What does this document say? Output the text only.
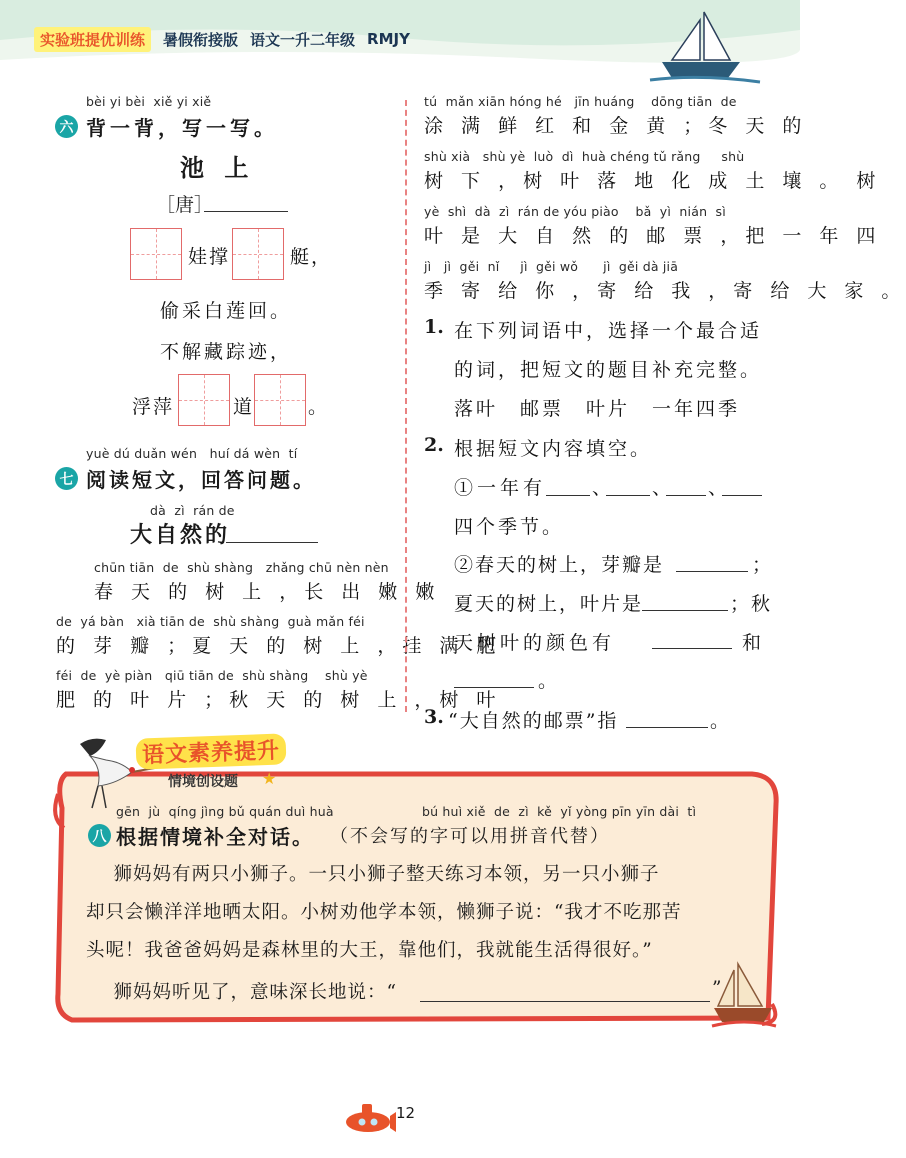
实验班提优训练	暑假衔接版 语文一升二年级 RMJY
bèi yi bèi  xiě yi xiě
六 背一背，写一写。
池 上
［唐］
娃撑	艇，
偷采白莲回。
不解藏踪迹，
浮萍	道	。
yuè dú duǎn wén   huí dá wèn  tí
七 阅读短文，回答问题。
dà  zì  rán de
大自然的
chūn tiān  de  shù shàng   zhǎng chū nèn nèn
春 天 的 树 上 ，长 出 嫩 嫩
de  yá bàn   xià tiān de  shù shàng  guà mǎn féi
的 芽 瓣 ；夏 天 的 树 上 ，挂 满 肥
féi  de  yè piàn   qiū tiān de  shù shàng    shù yè
肥 的 叶 片 ；秋 天 的 树 上 ，树 叶
tú  mǎn xiān hóng hé   jīn huáng    dōng tiān  de
涂 满 鲜 红 和 金 黄 ；冬 天 的
shù xià   shù yè  luò  dì  huà chéng tǔ rǎng     shù
树 下 ，树 叶 落 地 化 成 土 壤 。 树
yè  shì  dà  zì  rán de yóu piào    bǎ  yì  nián  sì
叶 是 大 自 然 的 邮 票 ，把 一 年 四
jì   jì  gěi  nǐ     jì  gěi wǒ      jì  gěi dà jiā
季 寄 给 你 ，寄 给 我 ，寄 给 大 家 。
1. 在下列词语中，选择一个最合适
的词，把短文的题目补充完整。
落叶 邮票 叶片 一年四季
2. 根据短文内容填空。
①一年有 、 、 、
四个季节。
②春天的树上，芽瓣是	；
夏天的树上，叶片是	；秋
天树叶的颜色有	和
。
3. “大自然的邮票”指	。
语文素养提升
情境创设题 ★
gēn  jù  qíng jìng bǔ quán duì huà	bú huì xiě  de  zì  kě  yǐ yòng pīn yīn dài  tì
八 根据情境补全对话。 （不会写的字可以用拼音代替）
狮妈妈有两只小狮子。一只小狮子整天练习本领，另一只小狮子
却只会懒洋洋地晒太阳。小树劝他学本领，懒狮子说：“我才不吃那苦
头呢！我爸爸妈妈是森林里的大王，靠他们，我就能生活得很好。”
狮妈妈听见了，意味深长地说：“	”
12
